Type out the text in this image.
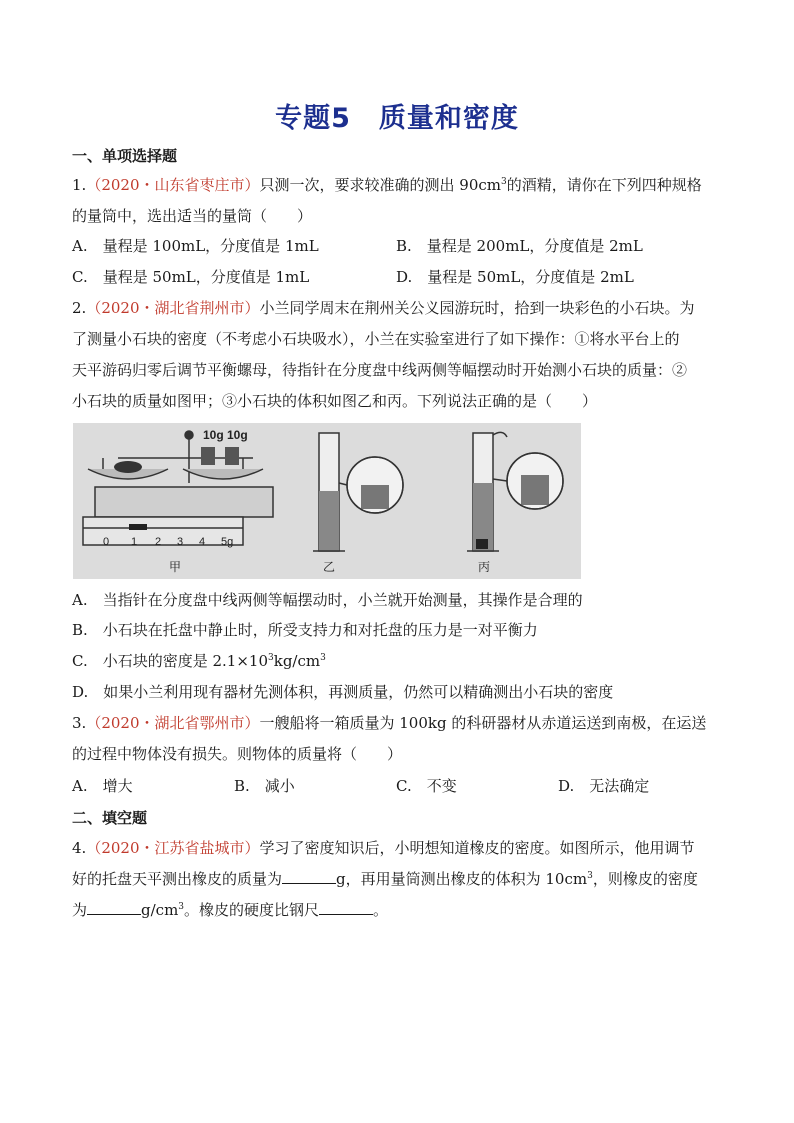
专题5　质量和密度
一、单项选择题
1.（2020・山东省枣庄市）只测一次，要求较准确的测出 $90cm^3$的酒精，请你在下列四种规格
的量筒中，选出适当的量筒（　　）
A.　量程是 100mL，分度值是 1mL	B.　量程是 200mL，分度值是 2mL
C.　量程是 50mL，分度值是 1mL	D.　量程是 50mL，分度值是 2mL
2.（2020・湖北省荆州市）小兰同学周末在荆州关公义园游玩时，拾到一块彩色的小石块。为
了测量小石块的密度（不考虑小石块吸水），小兰在实验室进行了如下操作：①将水平台上的
天平游码归零后调节平衡螺母，待指针在分度盘中线两侧等幅摆动时开始测小石块的质量：②
小石块的质量如图甲；③小石块的体积如图乙和丙。下列说法正确的是（　　）
10g 10g
0 1 2 3 4 5g
甲	乙	丙
A.　当指针在分度盘中线两侧等幅摆动时，小兰就开始测量，其操作是合理的
B.　小石块在托盘中静止时，所受支持力和对托盘的压力是一对平衡力
C.　小石块的密度是 $2.1\times 10^3kg/cm^3$
D.　如果小兰利用现有器材先测体积，再测质量，仍然可以精确测出小石块的密度
3.（2020・湖北省鄂州市）一艘船将一箱质量为 100kg 的科研器材从赤道运送到南极，在运送
的过程中物体没有损失。则物体的质量将（　　）
A.　增大	B.　减小	C.　不变	D.　无法确定
二、填空题
4.（2020・江苏省盐城市）学习了密度知识后，小明想知道橡皮的密度。如图所示，他用调节
好的托盘天平测出橡皮的质量为	g，再用量筒测出橡皮的体积为 $10cm^3$，则橡皮的密度
为	$g/cm^3$。橡皮的硬度比钢尺	。
